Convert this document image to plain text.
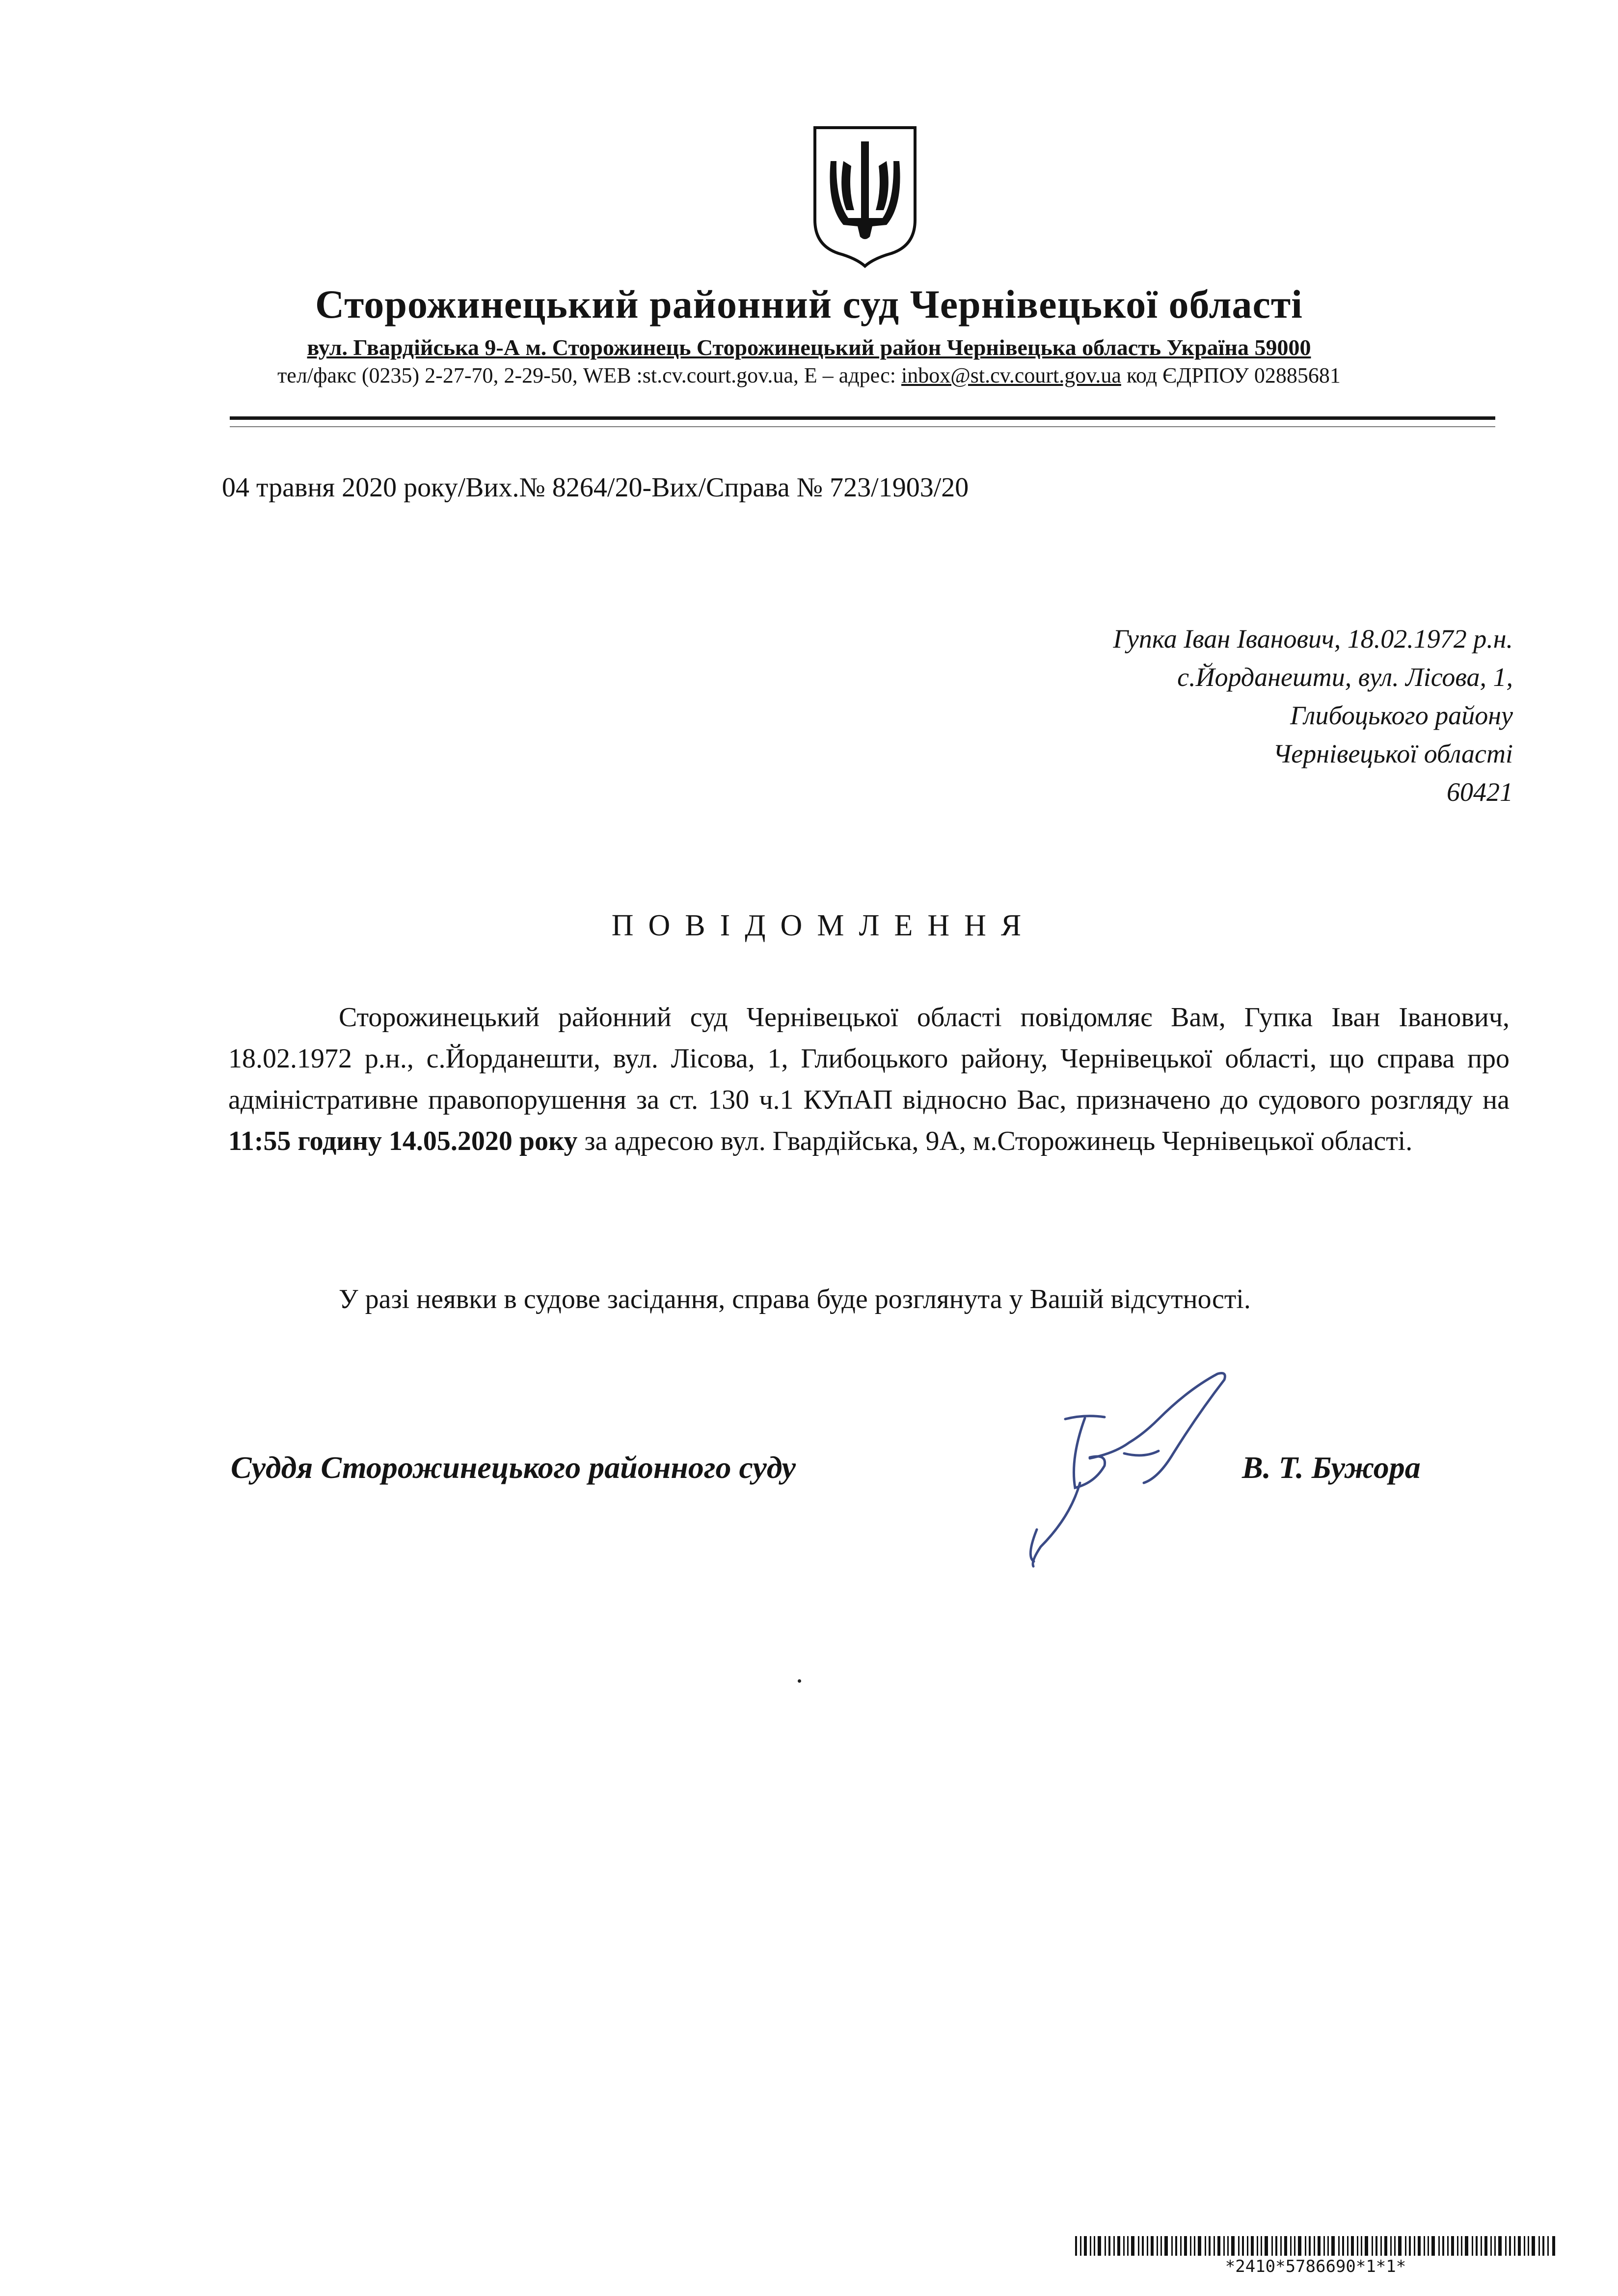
Сторожинецький районний суд Чернівецької області
вул. Гвардійська 9-А м. Сторожинець Сторожинецький район Чернівецька область Україна 59000
тел/факс (0235) 2-27-70, 2-29-50, WEB :st.cv.court.gov.ua, E – адрес: inbox@st.cv.court.gov.ua код ЄДРПОУ 02885681
04 травня 2020 року/Вих.№ 8264/20-Вих/Справа № 723/1903/20
Гупка Іван Іванович, 18.02.1972 р.н.
с.Йорданешти, вул. Лісова, 1,
Глибоцького району
Чернівецької області
60421
ПОВІДОМЛЕННЯ
Сторожинецький районний суд Чернівецької області повідомляє Вам, Гупка Іван Іванович, 18.02.1972 р.н., с.Йорданешти, вул. Лісова, 1, Глибоцького району, Чернівецької області, що справа про адміністративне правопорушення за ст. 130 ч.1 КУпАП відносно Вас, призначено до судового розгляду на 11:55 годину 14.05.2020 року за адресою вул. Гвардійська, 9А, м.Сторожинець Чернівецької області.
У разі неявки в судове засідання, справа буде розглянута у Вашій відсутності.
Суддя Сторожинецького районного суду	В. Т. Бужора
*2410*5786690*1*1*
